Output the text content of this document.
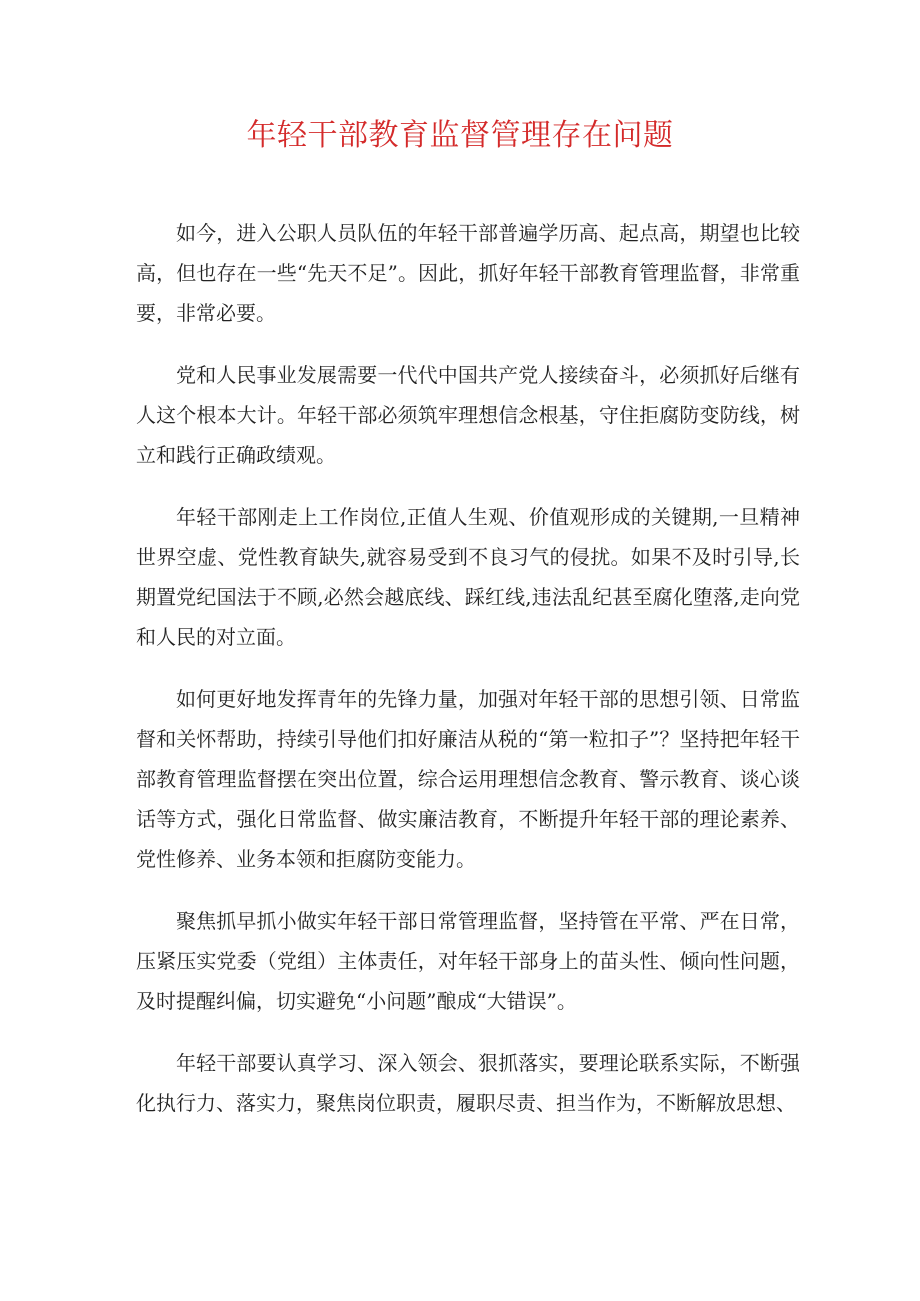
年轻干部教育监督管理存在问题

如今，进入公职人员队伍的年轻干部普遍学历高、起点高，期望也比较高，但也存在一些“先天不足”。因此，抓好年轻干部教育管理监督，非常重要，非常必要。

党和人民事业发展需要一代代中国共产党人接续奋斗，必须抓好后继有人这个根本大计。年轻干部必须筑牢理想信念根基，守住拒腐防变防线，树立和践行正确政绩观。

年轻干部刚走上工作岗位,正值人生观、价值观形成的关键期,一旦精神世界空虚、党性教育缺失,就容易受到不良习气的侵扰。如果不及时引导,长期置党纪国法于不顾,必然会越底线、踩红线,违法乱纪甚至腐化堕落,走向党和人民的对立面。

如何更好地发挥青年的先锋力量，加强对年轻干部的思想引领、日常监督和关怀帮助，持续引导他们扣好廉洁从税的“第一粒扣子”？坚持把年轻干部教育管理监督摆在突出位置，综合运用理想信念教育、警示教育、谈心谈话等方式，强化日常监督、做实廉洁教育，不断提升年轻干部的理论素养、党性修养、业务本领和拒腐防变能力。

聚焦抓早抓小做实年轻干部日常管理监督，坚持管在平常、严在日常，压紧压实党委（党组）主体责任，对年轻干部身上的苗头性、倾向性问题，及时提醒纠偏，切实避免“小问题”酿成“大错误”。

年轻干部要认真学习、深入领会、狠抓落实，要理论联系实际，不断强化执行力、落实力，聚焦岗位职责，履职尽责、担当作为，不断解放思想、
